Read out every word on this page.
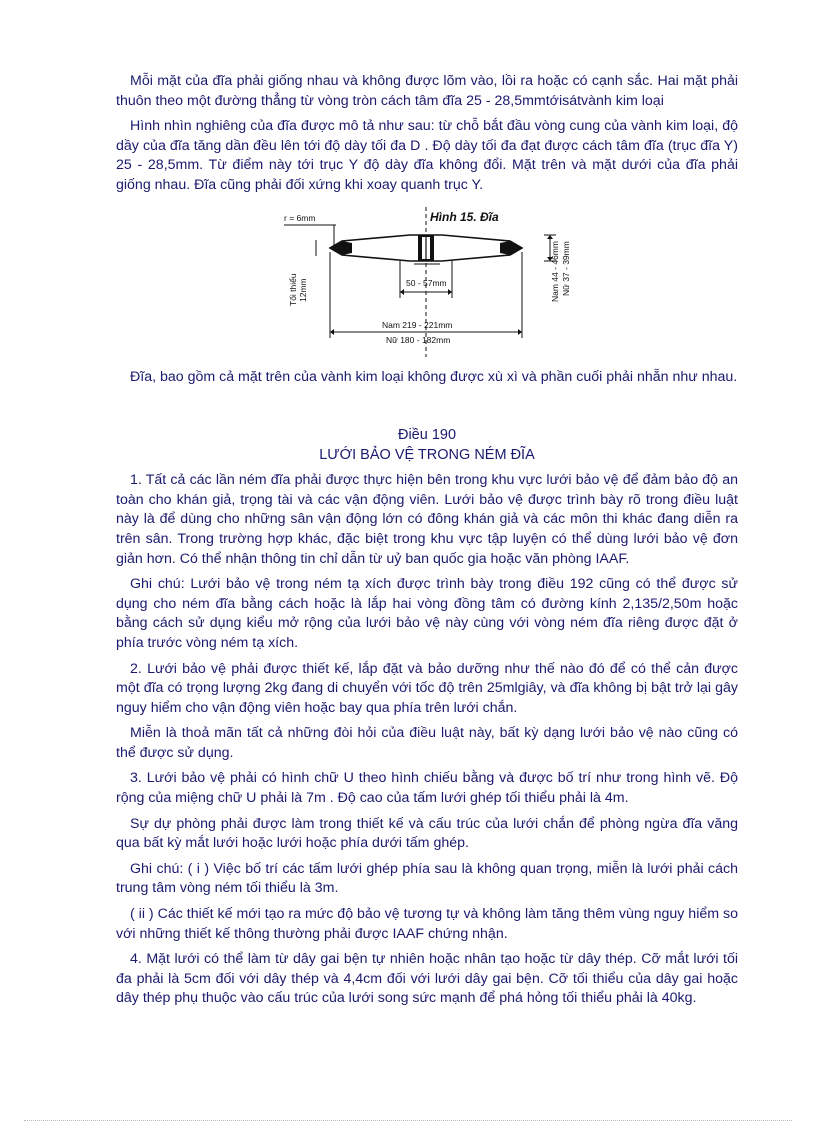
Mỗi mặt của đĩa phải giống nhau và không được lõm vào, lồi ra hoặc có cạnh sắc. Hai mặt phải thuôn theo một đường thẳng từ vòng tròn cách tâm đĩa 25 - 28,5mmtớisátvành kim loại

Hình nhìn nghiêng của đĩa được mô tả như sau: từ chỗ bắt đầu vòng cung của vành kim loại, độ dầy của đĩa tăng dần đều lên tới độ dày tối đa D . Độ dày tối đa đạt được cách tâm đĩa (trục đĩa Y) 25 - 28,5mm. Từ điểm này tới trục Y độ dày đĩa không đổi. Mặt trên và mặt dưới của đĩa phải giống nhau. Đĩa cũng phải đối xứng khi xoay quanh trục Y.

Hình 15. Đĩa
r = 6mm
Nam 44 - 46mm Nữ 37 - 39mm
Tối thiểu 12mm	50 - 57mm
Nam 219 - 221mm
Nữ 180 - 182mm

Đĩa, bao gồm cả mặt trên của vành kim loại không được xù xì và phần cuối phải nhẵn như nhau.

Điều 190

LƯỚI BẢO VỆ TRONG NÉM ĐĨA

1. Tất cả các lần ném đĩa phải được thực hiện bên trong khu vực lưới bảo vệ để đảm bảo độ an toàn cho khán giả, trọng tài và các vận động viên. Lưới bảo vệ được trình bày rõ trong điều luật này là để dùng cho những sân vận động lớn có đông khán giả và các môn thi khác đang diễn ra trên sân. Trong trường hợp khác, đặc biệt trong khu vực tập luyện có thể dùng lưới bảo vệ đơn giản hơn. Có thể nhận thông tin chỉ dẫn từ uỷ ban quốc gia hoặc văn phòng IAAF.

Ghi chú: Lưới bảo vệ trong ném tạ xích được trình bày trong điều 192 cũng có thể được sử dụng cho ném đĩa bằng cách hoặc là lắp hai vòng đồng tâm có đường kính 2,135/2,50m hoặc bằng cách sử dụng kiểu mở rộng của lưới bảo vệ này cùng với vòng ném đĩa riêng được đặt ở phía trước vòng ném tạ xích.

2. Lưới bảo vệ phải được thiết kế, lắp đặt và bảo dưỡng như thế nào đó để có thể cản được một đĩa có trọng lượng 2kg đang di chuyển với tốc độ trên 25mlgiây, và đĩa không bị bật trở lại gây nguy hiểm cho vận động viên hoặc bay qua phía trên lưới chắn.

Miễn là thoả mãn tất cả những đòi hỏi của điều luật này, bất kỳ dạng lưới bảo vệ nào cũng có thể được sử dụng.

3. Lưới bảo vệ phải có hình chữ U theo hình chiếu bằng và được bố trí như trong hình vẽ. Độ rộng của miệng chữ U phải là 7m . Độ cao của tấm lưới ghép tối thiểu phải là 4m.

Sự dự phòng phải được làm trong thiết kế và cấu trúc của lưới chắn để phòng ngừa đĩa văng qua bất kỳ mắt lưới hoặc lưới hoặc phía dưới tấm ghép.

Ghi chú: ( i ) Việc bố trí các tấm lưới ghép phía sau là không quan trọng, miễn là lưới phải cách trung tâm vòng ném tối thiểu là 3m.

( ii ) Các thiết kế mới tạo ra mức độ bảo vệ tương tự và không làm tăng thêm vùng nguy hiểm so với những thiết kế thông thường phải được IAAF chứng nhận.

4. Mặt lưới có thể làm từ dây gai bện tự nhiên hoặc nhân tạo hoặc từ dây thép. Cỡ mắt lưới tối đa phải là 5cm đối với dây thép và 4,4cm đối với lưới dây gai bện. Cỡ tối thiểu của dây gai hoặc dây thép phụ thuộc vào cấu trúc của lưới song sức mạnh để phá hỏng tối thiểu phải là 40kg.
